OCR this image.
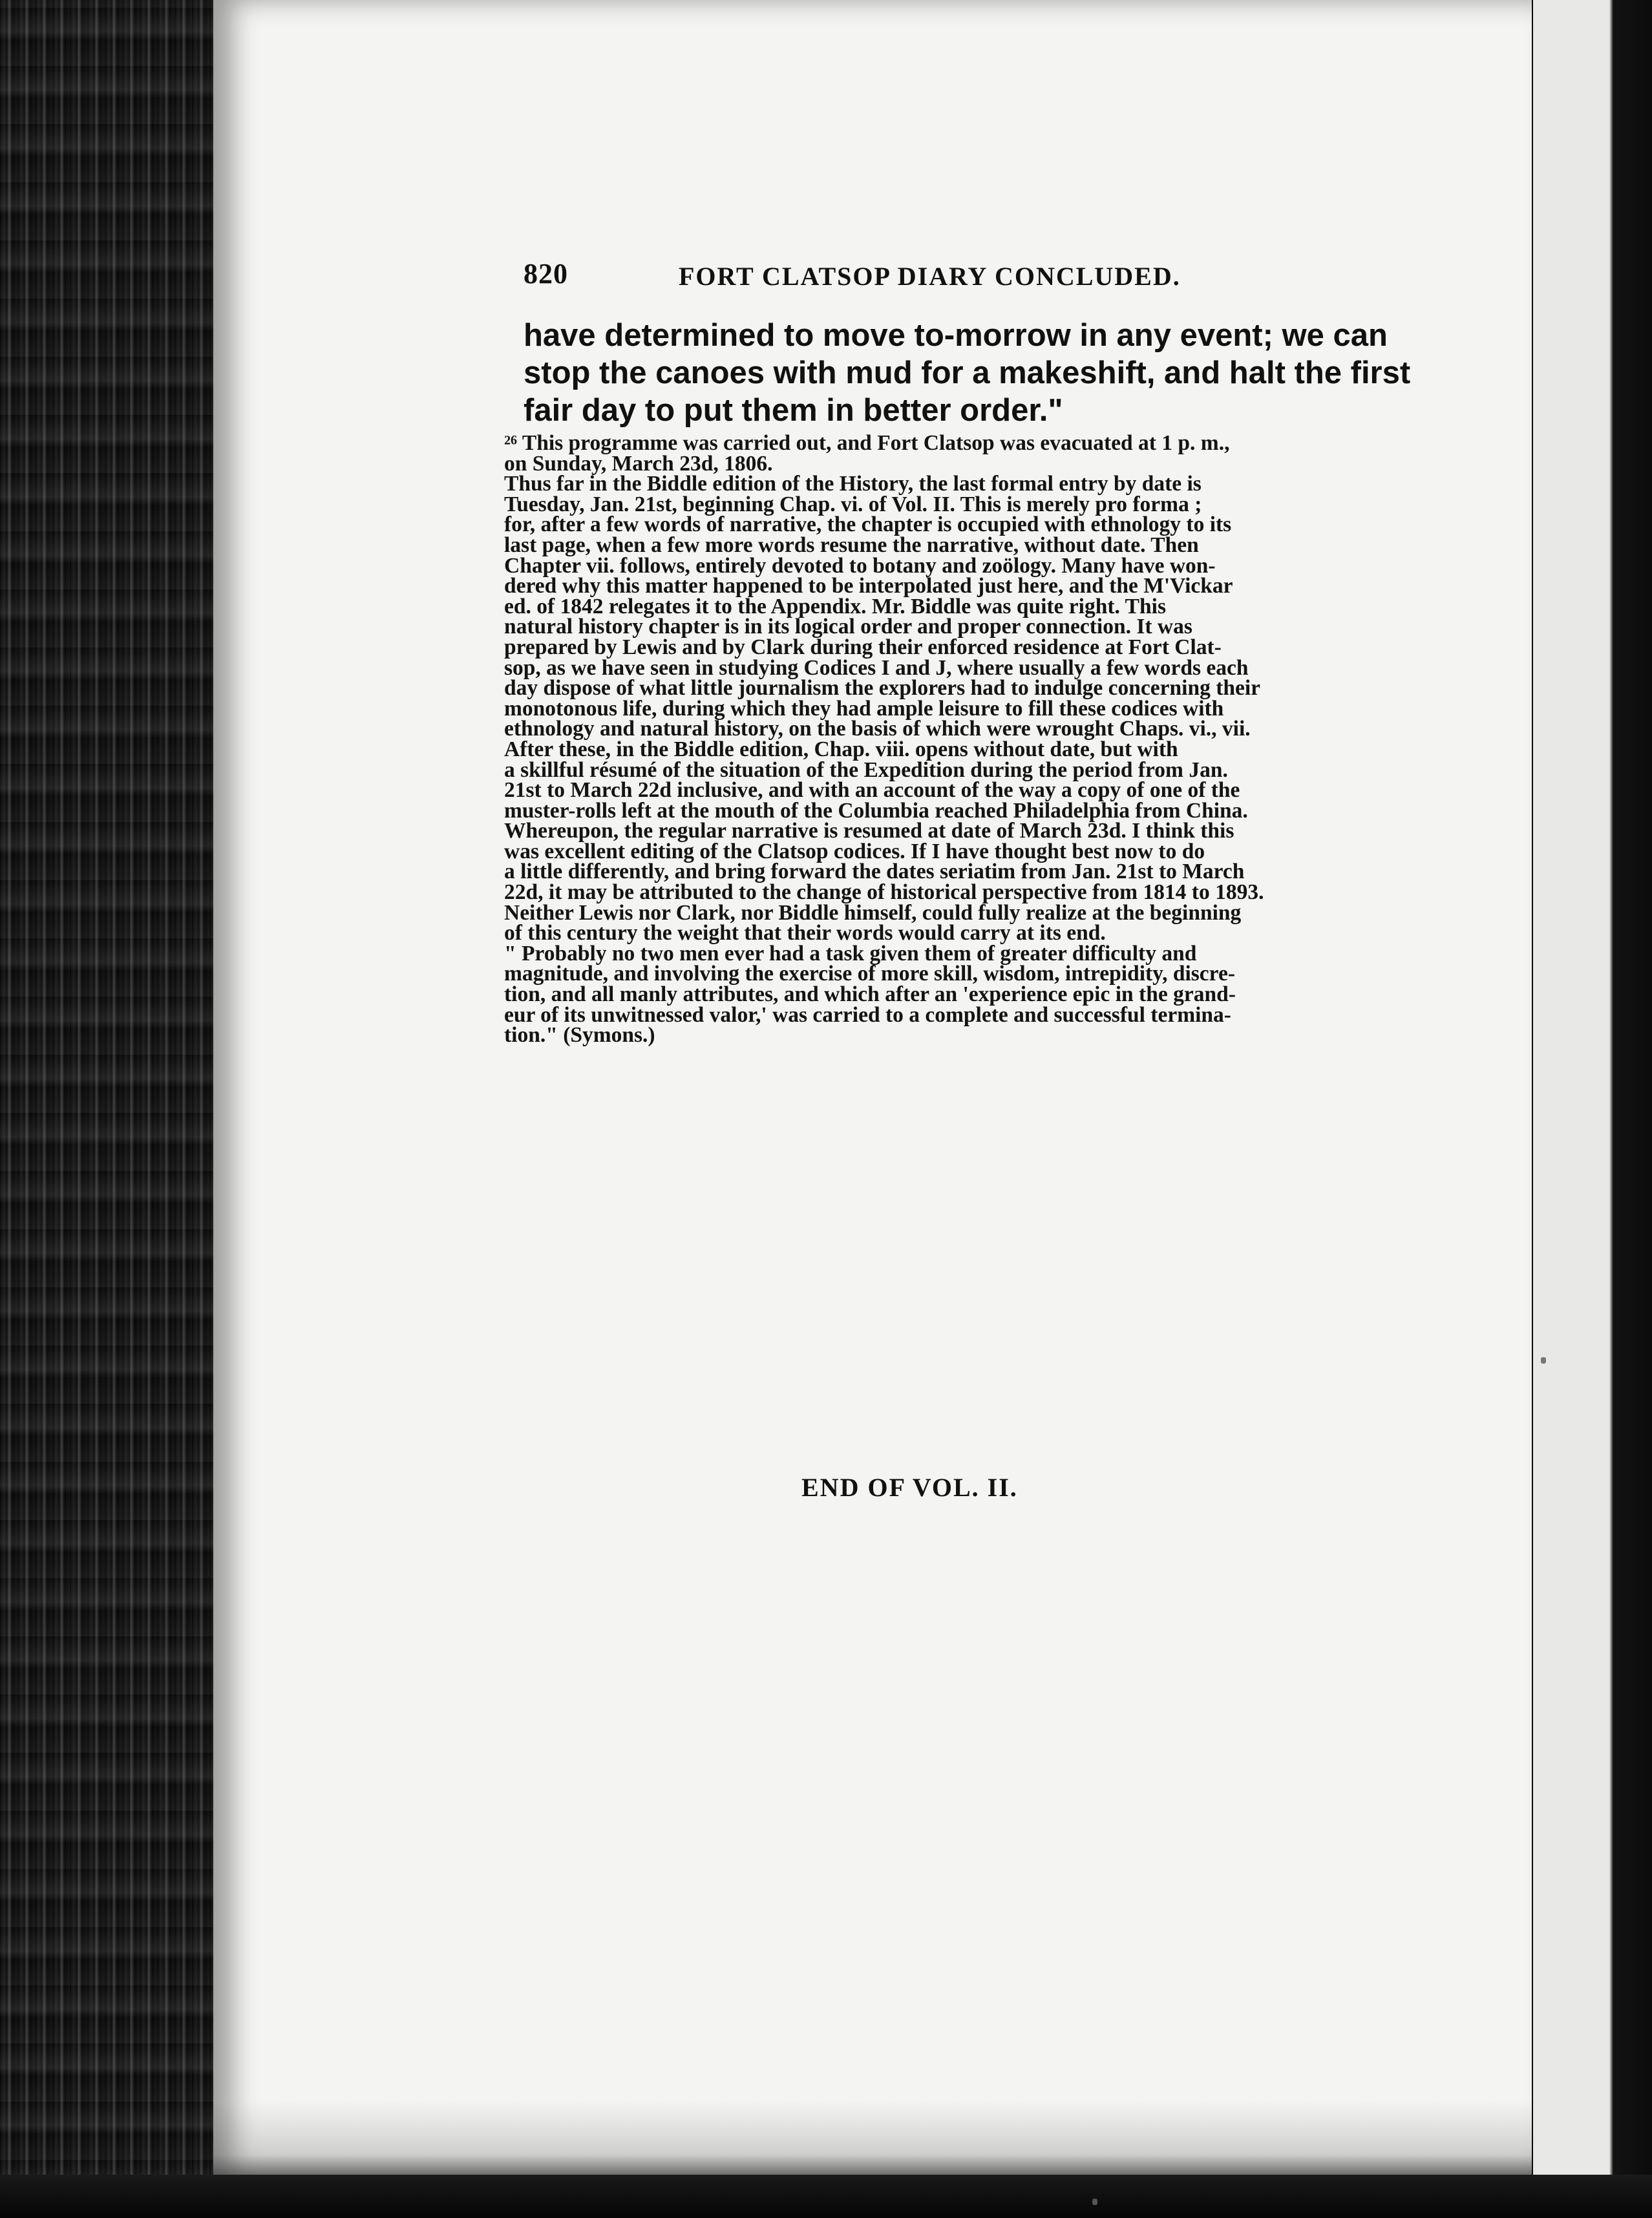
820	FORT CLATSOP DIARY CONCLUDED.
have determined to move to-morrow in any event; we can
stop the canoes with mud for a makeshift, and halt the first
fair day to put them in better order."
²⁶ This programme was carried out, and Fort Clatsop was evacuated at 1 p. m.,
on Sunday, March 23d, 1806.
Thus far in the Biddle edition of the History, the last formal entry by date is
Tuesday, Jan. 21st, beginning Chap. vi. of Vol. II. This is merely pro forma ;
for, after a few words of narrative, the chapter is occupied with ethnology to its
last page, when a few more words resume the narrative, without date. Then
Chapter vii. follows, entirely devoted to botany and zoölogy. Many have won-
dered why this matter happened to be interpolated just here, and the M'Vickar
ed. of 1842 relegates it to the Appendix. Mr. Biddle was quite right. This
natural history chapter is in its logical order and proper connection. It was
prepared by Lewis and by Clark during their enforced residence at Fort Clat-
sop, as we have seen in studying Codices I and J, where usually a few words each
day dispose of what little journalism the explorers had to indulge concerning their
monotonous life, during which they had ample leisure to fill these codices with
ethnology and natural history, on the basis of which were wrought Chaps. vi., vii.
After these, in the Biddle edition, Chap. viii. opens without date, but with
a skillful résumé of the situation of the Expedition during the period from Jan.
21st to March 22d inclusive, and with an account of the way a copy of one of the
muster-rolls left at the mouth of the Columbia reached Philadelphia from China.
Whereupon, the regular narrative is resumed at date of March 23d. I think this
was excellent editing of the Clatsop codices. If I have thought best now to do
a little differently, and bring forward the dates seriatim from Jan. 21st to March
22d, it may be attributed to the change of historical perspective from 1814 to 1893.
Neither Lewis nor Clark, nor Biddle himself, could fully realize at the beginning
of this century the weight that their words would carry at its end.
" Probably no two men ever had a task given them of greater difficulty and
magnitude, and involving the exercise of more skill, wisdom, intrepidity, discre-
tion, and all manly attributes, and which after an 'experience epic in the grand-
eur of its unwitnessed valor,' was carried to a complete and successful termina-
tion." (Symons.)
END OF VOL. II.
